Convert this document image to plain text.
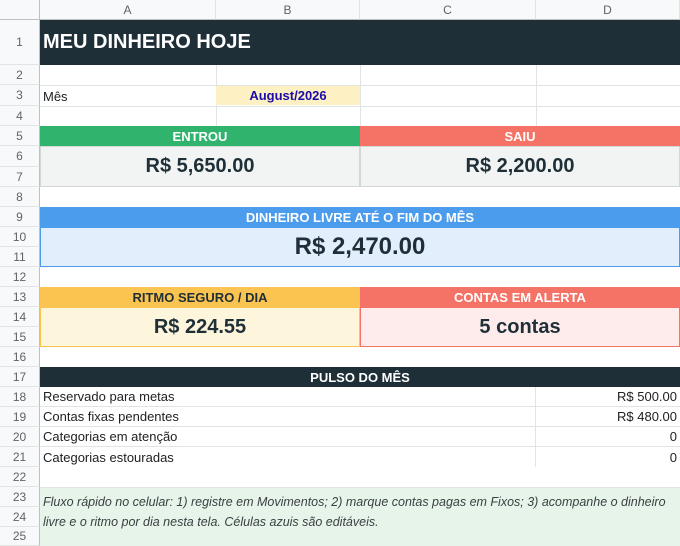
A	B	C	D
1
2
3
4
5
6
7
8
9
10
11
12
13
14
15
16
17
18
19
20
21
22
23
24
25
MEU DINHEIRO HOJE
Mês	August/2026
ENTROU	SAIU
R$ 5,650.00	R$ 2,200.00
DINHEIRO LIVRE ATÉ O FIM DO MÊS
R$ 2,470.00
RITMO SEGURO / DIA	CONTAS EM ALERTA
R$ 224.55	5 contas
PULSO DO MÊS
Reservado para metas	R$ 500.00
Contas fixas pendentes	R$ 480.00
Categorias em atenção	0
Categorias estouradas	0
Fluxo rápido no celular: 1) registre em Movimentos; 2) marque contas pagas em Fixos; 3) acompanhe o dinheiro livre e o ritmo por dia nesta tela. Células azuis são editáveis.
